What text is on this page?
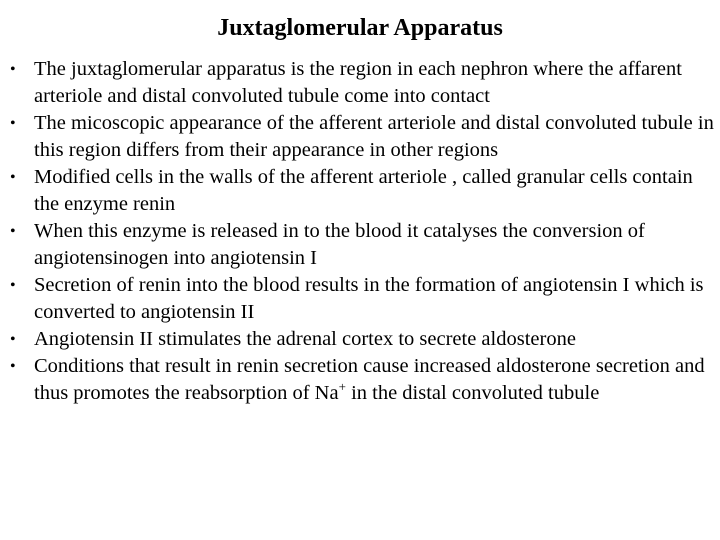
Juxtaglomerular Apparatus
• The juxtaglomerular apparatus is the region in each nephron where the affarent arteriole and distal convoluted tubule come into contact
• The micoscopic appearance of the afferent arteriole and distal convoluted tubule in this region differs from their appearance in other regions
• Modified cells in the walls of the afferent arteriole , called granular cells contain the enzyme renin
• When this enzyme is released in to the blood it catalyses the conversion of angiotensinogen into angiotensin I
• Secretion of renin into the blood results in the formation of angiotensin I which is converted to angiotensin II
• Angiotensin II stimulates the adrenal cortex to secrete aldosterone
• Conditions that result in renin secretion cause increased aldosterone secretion and thus promotes the reabsorption of Na+ in the distal convoluted tubule
